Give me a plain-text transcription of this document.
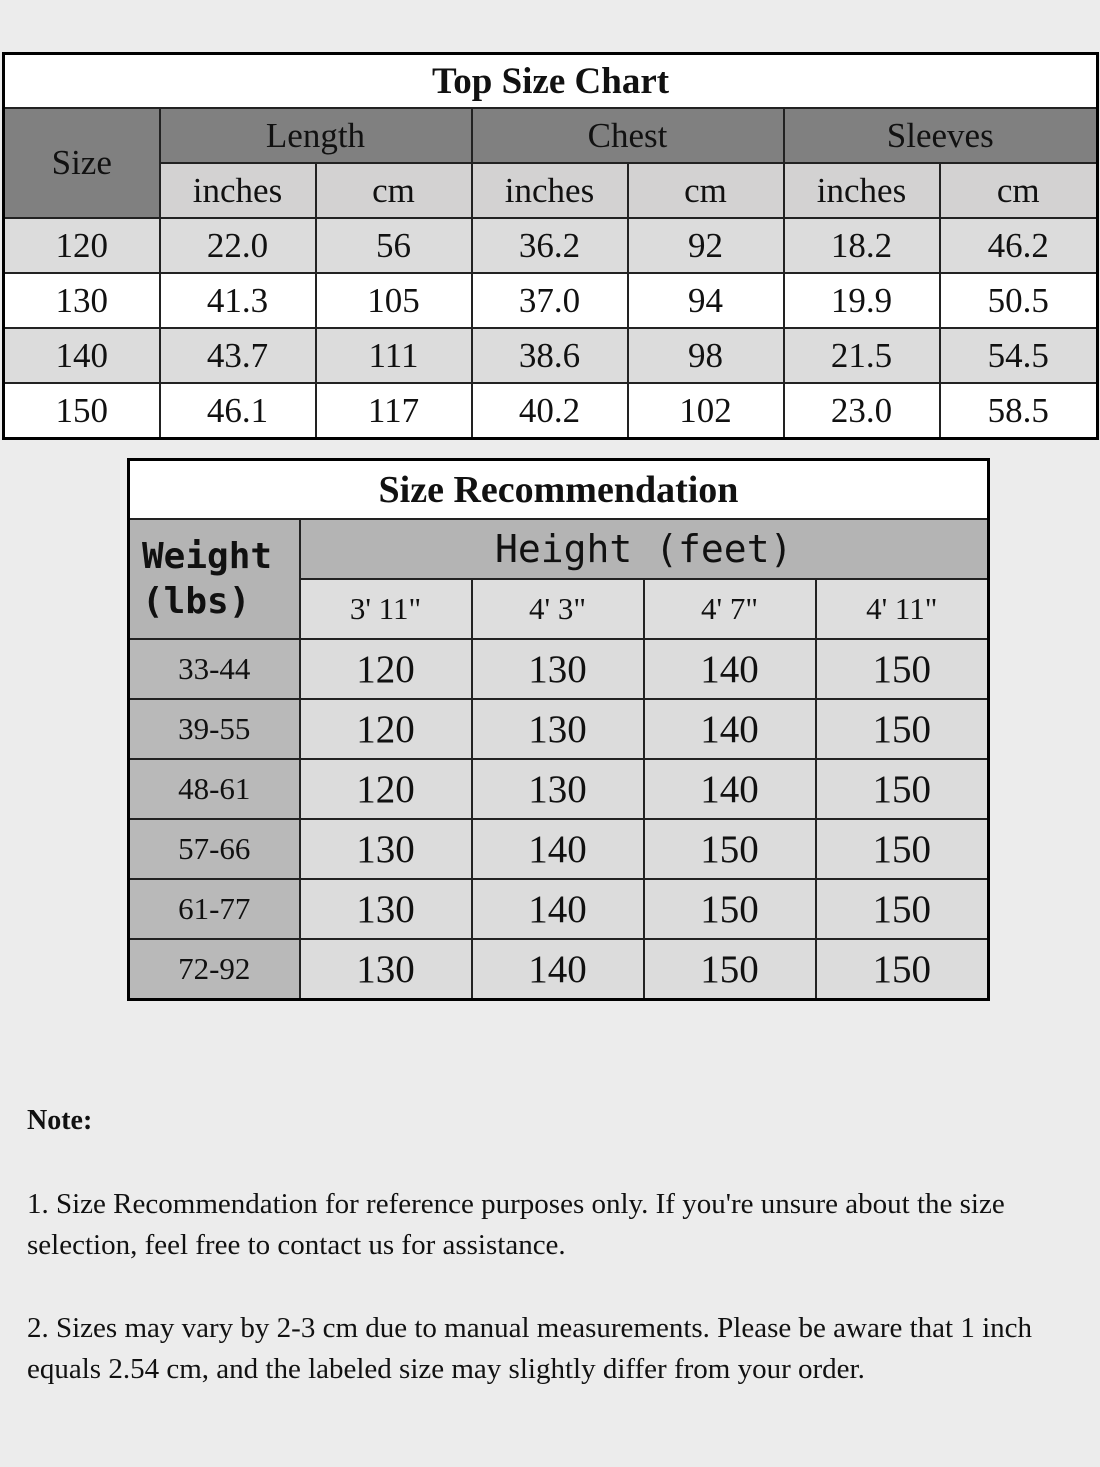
Top Size Chart						
Size	Length		Chest		Sleeves	
	inches	cm	inches	cm	inches	cm
120	22.0	56	36.2	92	18.2	46.2
130	41.3	105	37.0	94	19.9	50.5
140	43.7	111	38.6	98	21.5	54.5
150	46.1	117	40.2	102	23.0	58.5
Size Recommendation				

Weight
(lbs)	Height (feet)			
	3' 11"	4' 3"	4' 7"	4' 11"
33-44	120	130	140	150
39-55	120	130	140	150
48-61	120	130	140	150
57-66	130	140	150	150
61-77	130	140	150	150
72-92	130	140	150	150
Note:

1. Size Recommendation for reference purposes only. If you're unsure about the size selection, feel free to contact us for assistance.

2. Sizes may vary by 2-3 cm due to manual measurements. Please be aware that 1 inch equals 2.54 cm, and the labeled size may slightly differ from your order.
